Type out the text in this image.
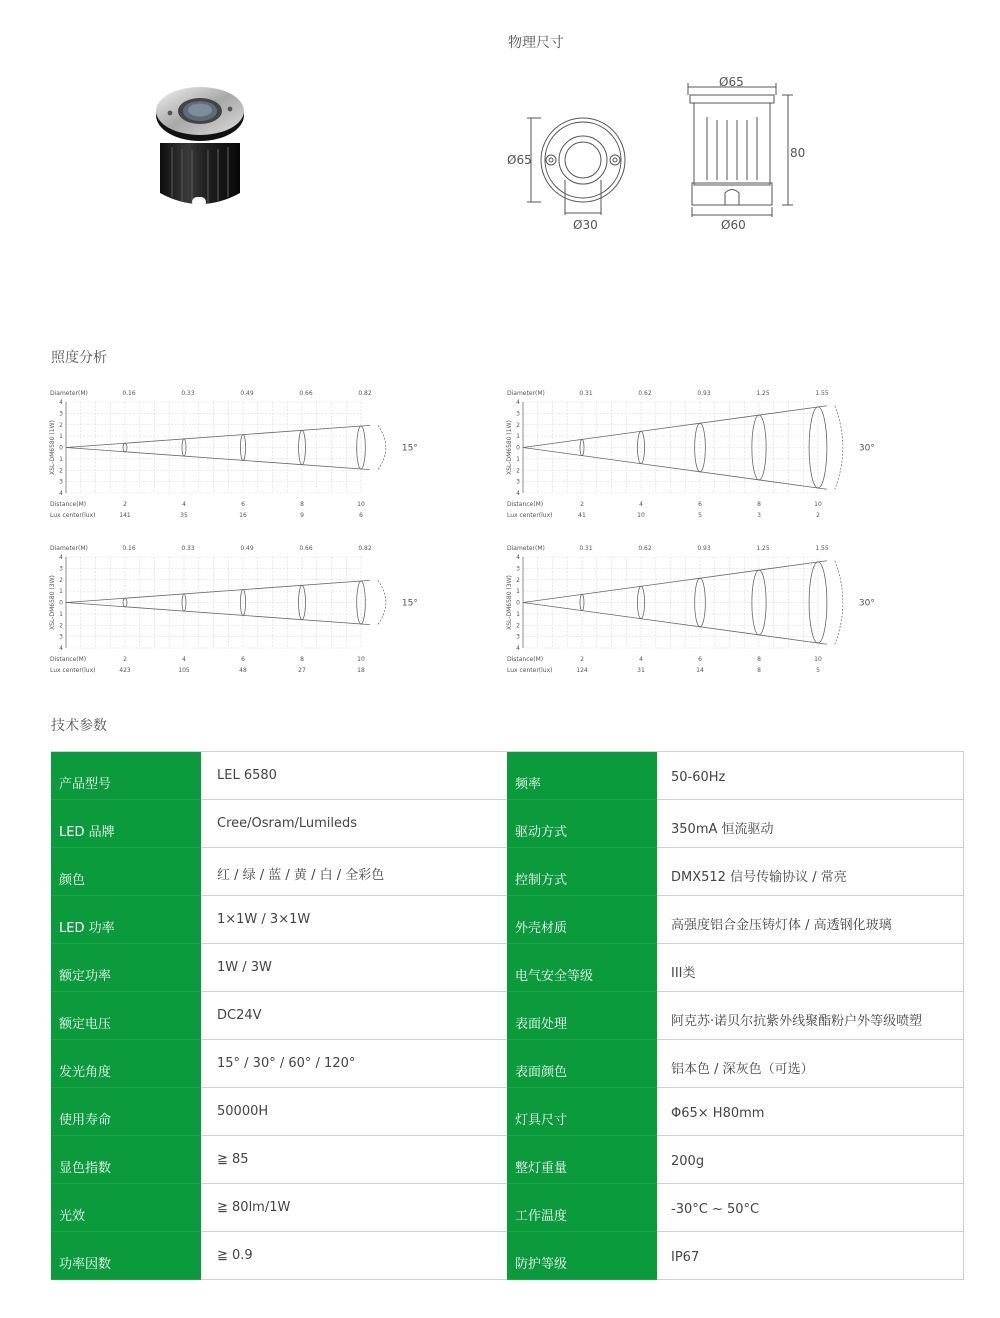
物理尺寸
Ø65
Ø30
Ø65
80
Ø60
照度分析
4
3
2
1
0
1
2
3
4
XSL-DM6580 (1W)
0.16
2
141
0.33
4
35
0.49
6
16
0.66
8
9
0.82
10
6
Diameter(M)
Distance(M)
Lux center(lux)
15°
4
3
2
1
0
1
2
3
4
XSL-DM6580 (1W)
0.31
2
41
0.62
4
10
0.93
6
5
1.25
8
3
1.55
10
2
Diameter(M)
Distance(M)
Lux center(lux)
30°
4
3
2
1
0
1
2
3
4
XSL-DM6580 (3W)
0.16
2
423
0.33
4
105
0.49
6
48
0.66
8
27
0.82
10
18
Diameter(M)
Distance(M)
Lux center(lux)
15°
4
3
2
1
0
1
2
3
4
XSL-DM6580 (3W)
0.31
2
124
0.62
4
31
0.93
6
14
1.25
8
8
1.55
10
5
Diameter(M)
Distance(M)
Lux center(lux)
30°
技术参数
产品型号	LEL 6580	频率	50-60Hz
LED 品牌	Cree/Osram/Lumileds	驱动方式	350mA 恒流驱动
颜色	红 / 绿 / 蓝 / 黄 / 白 / 全彩色	控制方式	DMX512 信号传输协议 / 常亮
LED 功率	1×1W / 3×1W	外壳材质	高强度铝合金压铸灯体 / 高透钢化玻璃
额定功率	1W / 3W	电气安全等级	III类
额定电压	DC24V	表面处理	阿克苏·诺贝尔抗紫外线聚酯粉户外等级喷塑
发光角度	15° / 30° / 60° / 120°	表面颜色	铝本色 / 深灰色（可选）
使用寿命	50000H	灯具尺寸	Φ65× H80mm
显色指数	≧ 85	整灯重量	200g
光效	≧ 80lm/1W	工作温度	-30°C ~ 50°C
功率因数	≧ 0.9	防护等级	IP67
